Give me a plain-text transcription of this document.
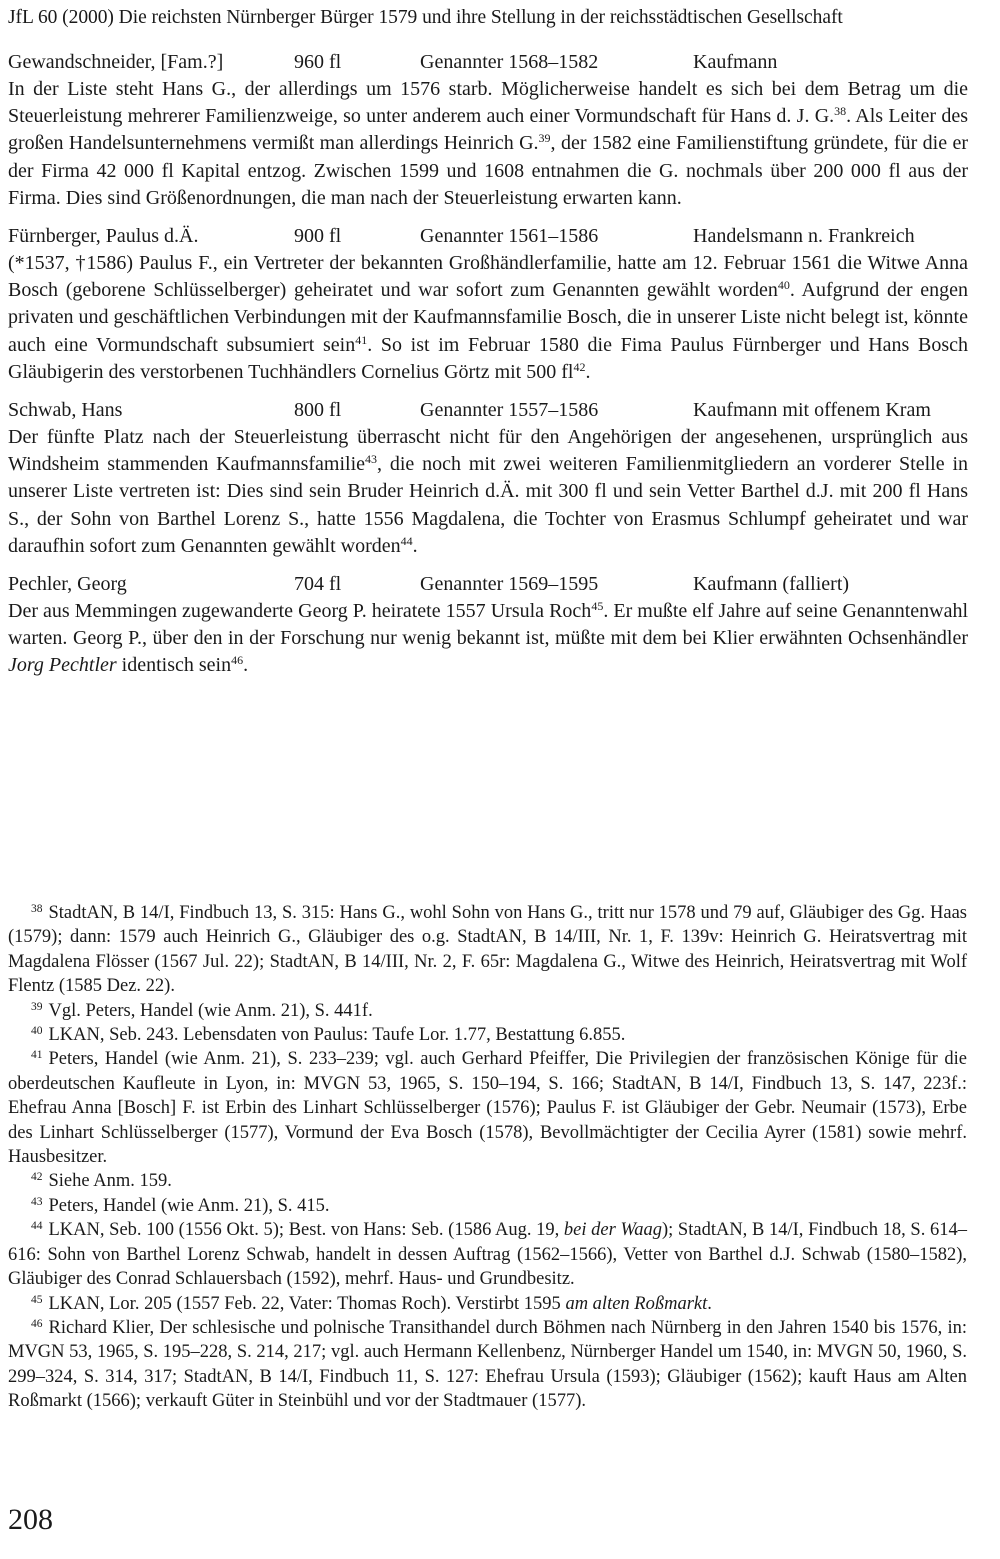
JfL 60 (2000) Die reichsten Nürnberger Bürger 1579 und ihre Stellung in der reichsstädtischen Gesellschaft
Gewandschneider, [Fam.?]	960 fl	Genannter 1568–1582	Kaufmann

In der Liste steht Hans G., der allerdings um 1576 starb. Möglicherweise handelt es sich bei dem Betrag um die Steuerleistung mehrerer Familienzweige, so unter anderem auch einer Vormundschaft für Hans d. J. G.$^{38}$. Als Leiter des großen Handelsunternehmens vermißt man allerdings Heinrich G.$^{39}$, der 1582 eine Familienstiftung gründete, für die er der Firma 42 000 fl Kapital entzog. Zwischen 1599 und 1608 entnahmen die G. nochmals über 200 000 fl aus der Firma. Dies sind Größenordnungen, die man nach der Steuerleistung erwarten kann.

Fürnberger, Paulus d.Ä.	900 fl	Genannter 1561–1586	Handelsmann n. Frankreich

(*1537, †1586) Paulus F., ein Vertreter der bekannten Großhändlerfamilie, hatte am 12. Februar 1561 die Witwe Anna Bosch (geborene Schlüsselberger) geheiratet und war sofort zum Genannten gewählt worden$^{40}$. Aufgrund der engen privaten und geschäftlichen Verbindungen mit der Kaufmannsfamilie Bosch, die in unserer Liste nicht belegt ist, könnte auch eine Vormundschaft subsumiert sein$^{41}$. So ist im Februar 1580 die Fima Paulus Fürnberger und Hans Bosch Gläubigerin des verstorbenen Tuchhändlers Cornelius Görtz mit 500 $fl^{42}$.

Schwab, Hans	800 fl	Genannter 1557–1586	Kaufmann mit offenem Kram

Der fünfte Platz nach der Steuerleistung überrascht nicht für den Angehörigen der angesehenen, ursprünglich aus Windsheim stammenden Kaufmannsfamilie$^{43}$, die noch mit zwei weiteren Familienmitgliedern an vorderer Stelle in unserer Liste vertreten ist: Dies sind sein Bruder Heinrich d.Ä. mit 300 fl und sein Vetter Barthel d.J. mit 200 fl Hans S., der Sohn von Barthel Lorenz S., hatte 1556 Magdalena, die Tochter von Erasmus Schlumpf geheiratet und war daraufhin sofort zum Genannten gewählt worden$^{44}$.

Pechler, Georg	704 fl	Genannter 1569–1595	Kaufmann (falliert)

Der aus Memmingen zugewanderte Georg P. heiratete 1557 Ursula Roch$^{45}$. Er mußte elf Jahre auf seine Genanntenwahl warten. Georg P., über den in der Forschung nur wenig bekannt ist, müßte mit dem bei Klier erwähnten Ochsenhändler Jorg Pechtler identisch sein$^{46}$.

$^{38}$ StadtAN, B 14/I, Findbuch 13, S. 315: Hans G., wohl Sohn von Hans G., tritt nur 1578 und 79 auf, Gläubiger des Gg. Haas (1579); dann: 1579 auch Heinrich G., Gläubiger des o.g. StadtAN, B 14/III, Nr. 1, F. 139v: Heinrich G. Heiratsvertrag mit Magdalena Flösser (1567 Jul. 22); StadtAN, B 14/III, Nr. 2, F. 65r: Magdalena G., Witwe des Heinrich, Heiratsvertrag mit Wolf Flentz (1585 Dez. 22).

$^{39}$ Vgl. Peters, Handel (wie Anm. 21), S. 441f.

$^{40}$ LKAN, Seb. 243. Lebensdaten von Paulus: Taufe Lor. 1.77, Bestattung 6.855.

$^{41}$ Peters, Handel (wie Anm. 21), S. 233–239; vgl. auch Gerhard Pfeiffer, Die Privilegien der französischen Könige für die oberdeutschen Kaufleute in Lyon, in: MVGN 53, 1965, S. 150–194, S. 166; StadtAN, B 14/I, Findbuch 13, S. 147, 223f.: Ehefrau Anna [Bosch] F. ist Erbin des Linhart Schlüsselberger (1576); Paulus F. ist Gläubiger der Gebr. Neumair (1573), Erbe des Linhart Schlüsselberger (1577), Vormund der Eva Bosch (1578), Bevollmächtigter der Cecilia Ayrer (1581) sowie mehrf. Hausbesitzer.

$^{42}$ Siehe Anm. 159.

$^{43}$ Peters, Handel (wie Anm. 21), S. 415.

$^{44}$ LKAN, Seb. 100 (1556 Okt. 5); Best. von Hans: Seb. (1586 Aug. 19, bei der Waag); StadtAN, B 14/I, Findbuch 18, S. 614–616: Sohn von Barthel Lorenz Schwab, handelt in dessen Auftrag (1562–1566), Vetter von Barthel d.J. Schwab (1580–1582), Gläubiger des Conrad Schlauersbach (1592), mehrf. Haus- und Grundbesitz.

$^{45}$ LKAN, Lor. 205 (1557 Feb. 22, Vater: Thomas Roch). Verstirbt 1595 am alten Roßmarkt.

$^{46}$ Richard Klier, Der schlesische und polnische Transithandel durch Böhmen nach Nürnberg in den Jahren 1540 bis 1576, in: MVGN 53, 1965, S. 195–228, S. 214, 217; vgl. auch Hermann Kellenbenz, Nürnberger Handel um 1540, in: MVGN 50, 1960, S. 299–324, S. 314, 317; StadtAN, B 14/I, Findbuch 11, S. 127: Ehefrau Ursula (1593); Gläubiger (1562); kauft Haus am Alten Roßmarkt (1566); verkauft Güter in Steinbühl und vor der Stadtmauer (1577).

208
